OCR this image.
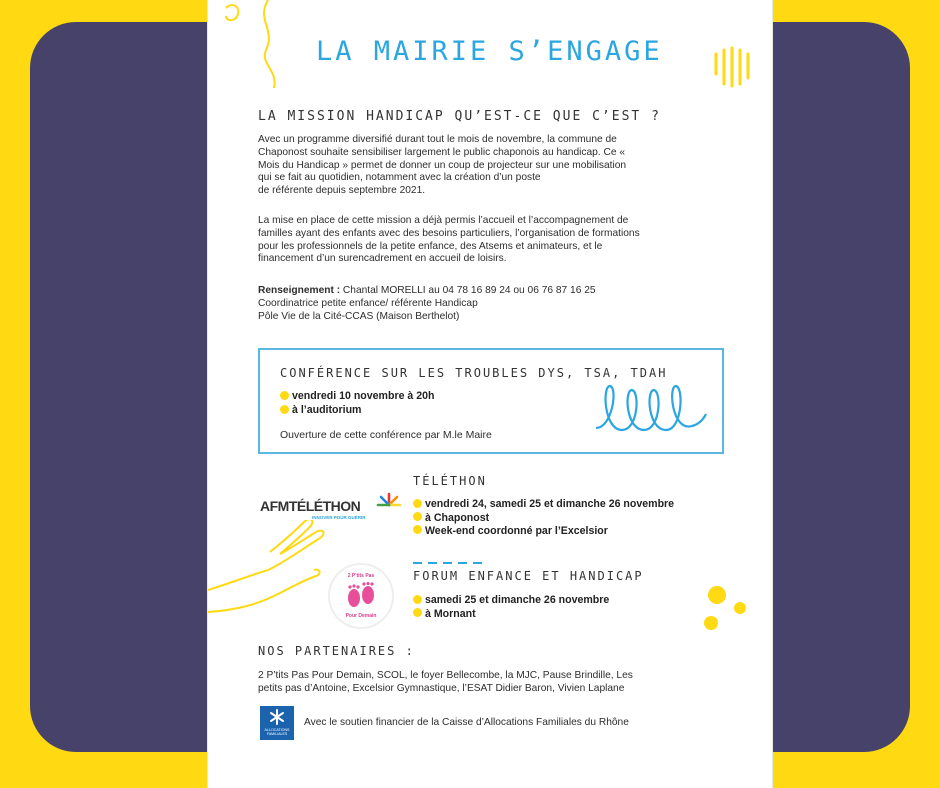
LA MAIRIE S’ENGAGE
LA MISSION HANDICAP QU’EST-CE QUE C’EST ?
Avec un programme diversifié durant tout le mois de novembre, la commune de
Chaponost souhaite sensibiliser largement le public chaponois au handicap. Ce «
Mois du Handicap » permet de donner un coup de projecteur sur une mobilisation
qui se fait au quotidien, notamment avec la création d’un poste
de référente depuis septembre 2021.
La mise en place de cette mission a déjà permis l’accueil et l’accompagnement de
familles ayant des enfants avec des besoins particuliers, l’organisation de formations
pour les professionnels de la petite enfance, des Atsems et animateurs, et le
financement d’un surencadrement en accueil de loisirs.
Renseignement : Chantal MORELLI au 04 78 16 89 24 ou 06 76 87 16 25
Coordinatrice petite enfance/ référente Handicap
Pôle Vie de la Cité-CCAS (Maison Berthelot)
CONFÉRENCE SUR LES TROUBLES DYS, TSA, TDAH
vendredi 10 novembre à 20h
à l’auditorium
Ouverture de cette conférence par M.le Maire
TÉLÉTHON
AFMTÉLÉTHON
INNOVER POUR GUÉRIR
vendredi 24, samedi 25 et dimanche 26 novembre
à Chaponost
Week-end coordonné par l’Excelsior
2 P'tits Pas
Pour Demain
FORUM ENFANCE ET HANDICAP
samedi 25 et dimanche 26 novembre
à Mornant
NOS PARTENAIRES :
2 P’tits Pas Pour Demain, SCOL, le foyer Bellecombe, la MJC, Pause Brindille, Les
petits pas d’Antoine, Excelsior Gymnastique, l’ESAT Didier Baron, Vivien Laplane
ALLOCATIONS FAMILIALES
Avec le soutien financier de la Caisse d’Allocations Familiales du Rhône
